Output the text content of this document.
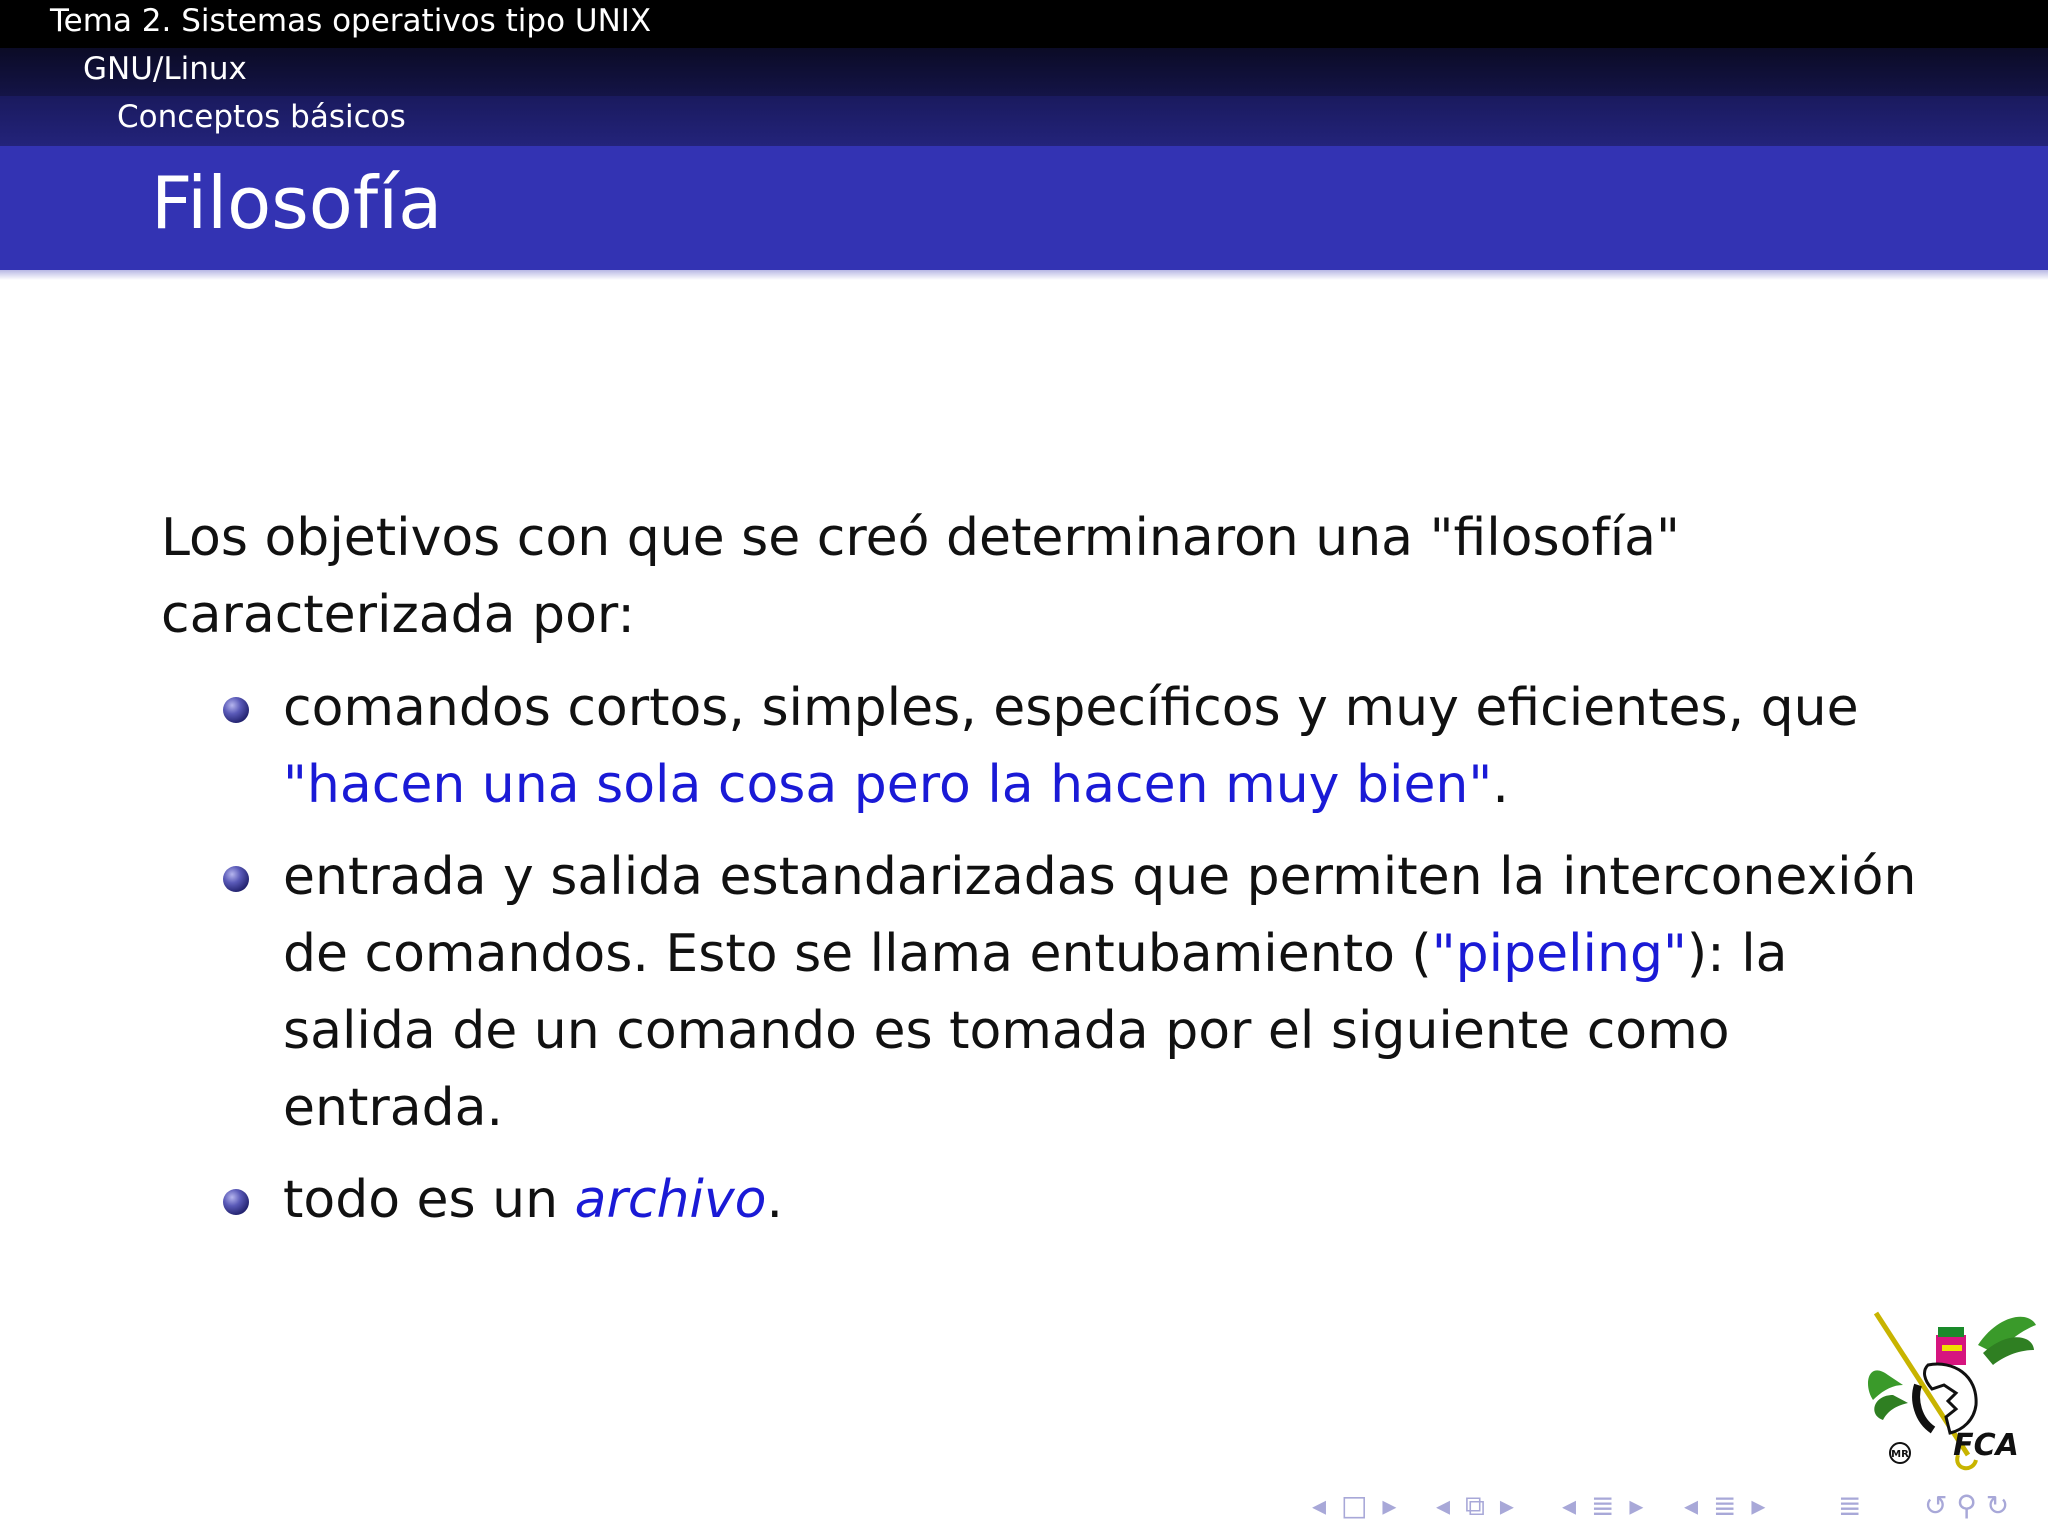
Tema 2. Sistemas operativos tipo UNIX
GNU/Linux
Conceptos básicos
Filosofía

Los objetivos con que se creó determinaron una "filosofía" caracterizada por:

comandos cortos, simples, específicos y muy eficientes, que "hacen una sola cosa pero la hacen muy bien".
entrada y salida estandarizadas que permiten la interconexión de comandos. Esto se llama entubamiento ("pipeling"): la salida de un comando es tomada por el siguiente como entrada.
todo es un archivo.
MR FCA
◂ □ ▸ ◂ ⧉ ▸ ◂ ≣ ▸ ◂ ≣ ▸	≣ ↺ ⚲ ↻
